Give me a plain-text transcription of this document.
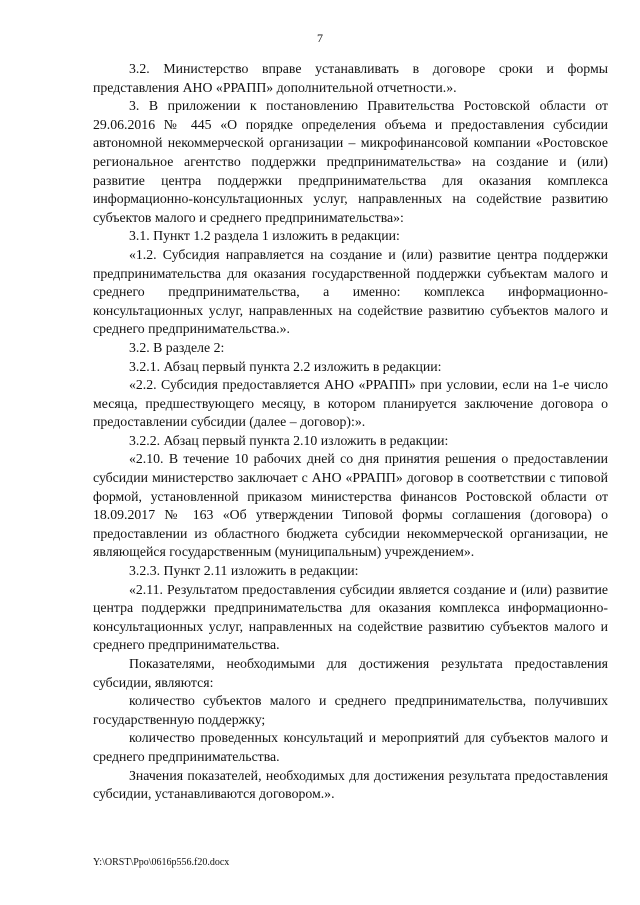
7

3.2. Министерство вправе устанавливать в договоре сроки и формы представления АНО «РРАПП» дополнительной отчетности.».

3. В приложении к постановлению Правительства Ростовской области от 29.06.2016 № 445 «О порядке определения объема и предоставления субсидии автономной некоммерческой организации – микрофинансовой компании «Ростовское региональное агентство поддержки предпринимательства» на создание и (или) развитие центра поддержки предпринимательства для оказания комплекса информационно-консультационных услуг, направленных на содействие развитию субъектов малого и среднего предпринимательства»:

3.1. Пункт 1.2 раздела 1 изложить в редакции:

«1.2. Субсидия направляется на создание и (или) развитие центра поддержки предпринимательства для оказания государственной поддержки субъектам малого и среднего предпринимательства, а именно: комплекса информационно-консультационных услуг, направленных на содействие развитию субъектов малого и среднего предпринимательства.».

3.2. В разделе 2:

3.2.1. Абзац первый пункта 2.2 изложить в редакции:

«2.2. Субсидия предоставляется АНО «РРАПП» при условии, если на 1-е число месяца, предшествующего месяцу, в котором планируется заключение договора о предоставлении субсидии (далее – договор):».

3.2.2. Абзац первый пункта 2.10 изложить в редакции:

«2.10. В течение 10 рабочих дней со дня принятия решения о предоставлении субсидии министерство заключает с АНО «РРАПП» договор в соответствии с типовой формой, установленной приказом министерства финансов Ростовской области от 18.09.2017 № 163 «Об утверждении Типовой формы соглашения (договора) о предоставлении из областного бюджета субсидии некоммерческой организации, не являющейся государственным (муниципальным) учреждением».

3.2.3. Пункт 2.11 изложить в редакции:

«2.11. Результатом предоставления субсидии является создание и (или) развитие центра поддержки предпринимательства для оказания комплекса информационно-консультационных услуг, направленных на содействие развитию субъектов малого и среднего предпринимательства.

Показателями, необходимыми для достижения результата предоставления субсидии, являются:

количество субъектов малого и среднего предпринимательства, получивших государственную поддержку;

количество проведенных консультаций и мероприятий для субъектов малого и среднего предпринимательства.

Значения показателей, необходимых для достижения результата предоставления субсидии, устанавливаются договором.».

Y:\ORST\Ppo\0616p556.f20.docx
